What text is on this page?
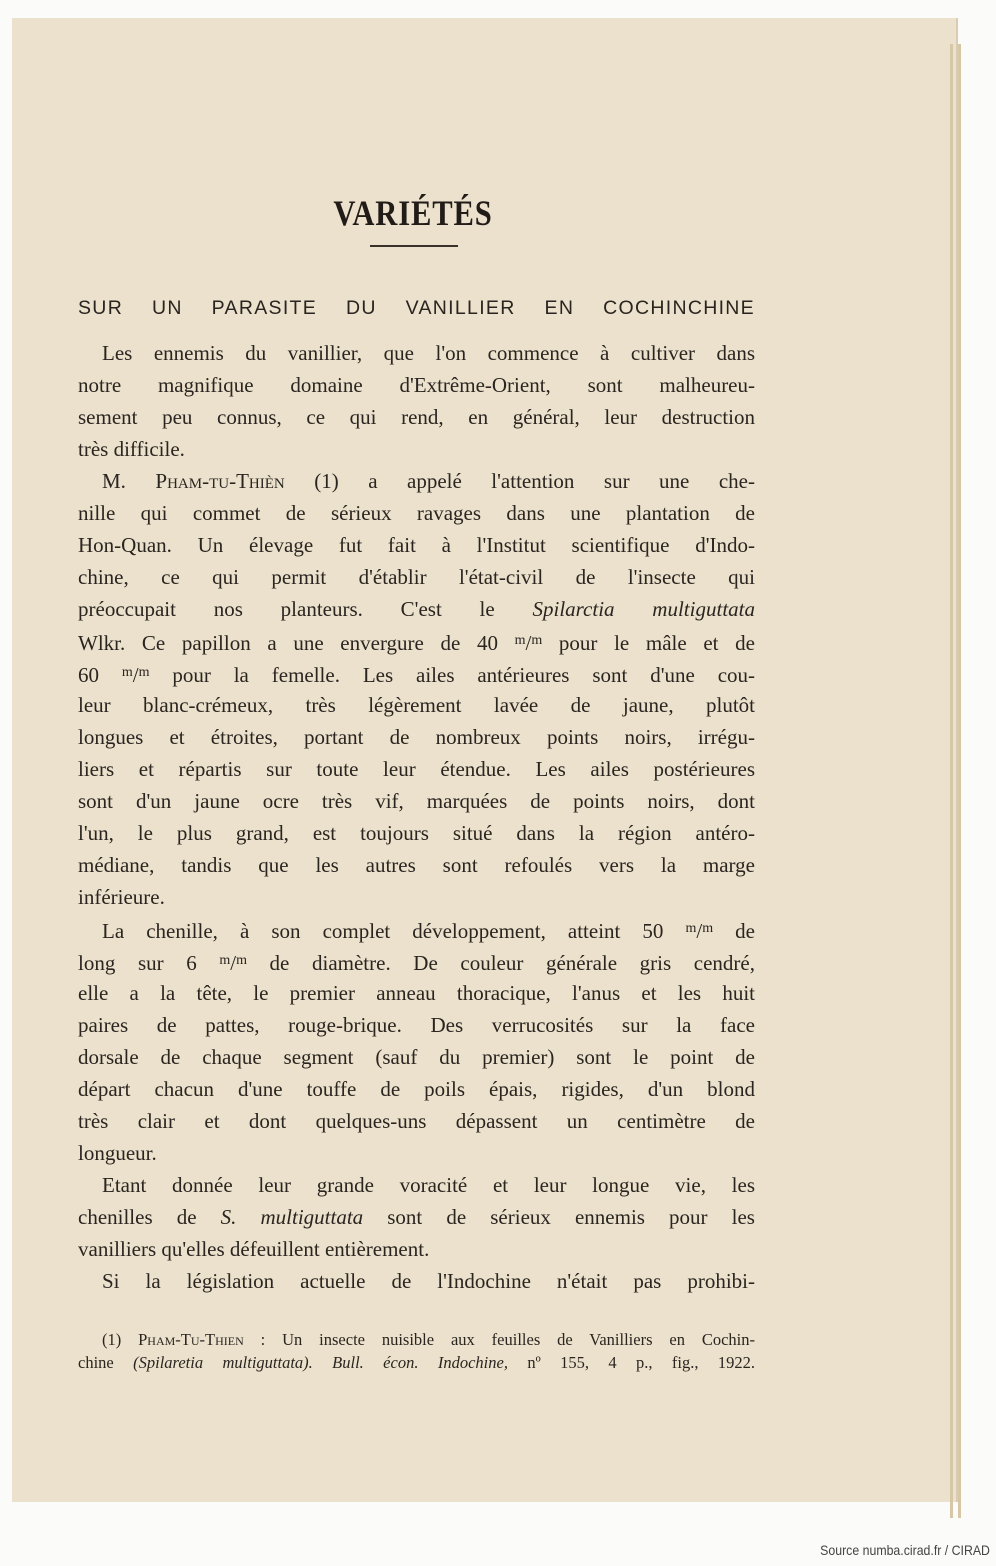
VARIÉTÉS
SUR UN PARASITE DU VANILLIER EN COCHINCHINE
Les ennemis du vanillier, que l'on commence à cultiver dans
notre magnifique domaine d'Extrême-Orient, sont malheureu-
sement peu connus, ce qui rend, en général, leur destruction
très difficile.
M. Pham-tu-Thièn (1) a appelé l'attention sur une che-
nille qui commet de sérieux ravages dans une plantation de
Hon-Quan. Un élevage fut fait à l'Institut scientifique d'Indo-
chine, ce qui permit d'établir l'état-civil de l'insecte qui
préoccupait nos planteurs. C'est le Spilarctia multiguttata
Wlkr. Ce papillon a une envergure de 40 $^m$/$^m$ pour le mâle et de
60 $^m$/$^m$ pour la femelle. Les ailes antérieures sont d'une cou-
leur blanc-crémeux, très légèrement lavée de jaune, plutôt
longues et étroites, portant de nombreux points noirs, irrégu-
liers et répartis sur toute leur étendue. Les ailes postérieures
sont d'un jaune ocre très vif, marquées de points noirs, dont
l'un, le plus grand, est toujours situé dans la région antéro-
médiane, tandis que les autres sont refoulés vers la marge
inférieure.
La chenille, à son complet développement, atteint 50 $^m$/$^m$ de
long sur 6 $^m$/$^m$ de diamètre. De couleur générale gris cendré,
elle a la tête, le premier anneau thoracique, l'anus et les huit
paires de pattes, rouge-brique. Des verrucosités sur la face
dorsale de chaque segment (sauf du premier) sont le point de
départ chacun d'une touffe de poils épais, rigides, d'un blond
très clair et dont quelques-uns dépassent un centimètre de
longueur.
Etant donnée leur grande voracité et leur longue vie, les
chenilles de S. multiguttata sont de sérieux ennemis pour les
vanilliers qu'elles défeuillent entièrement.
Si la législation actuelle de l'Indochine n'était pas prohibi-
(1) Pham-Tu-Thien : Un insecte nuisible aux feuilles de Vanilliers en Cochin-
chine (Spilaretia multiguttata). Bull. écon. Indochine, nº 155, 4 p., fig., 1922.
Source numba.cirad.fr / CIRAD
